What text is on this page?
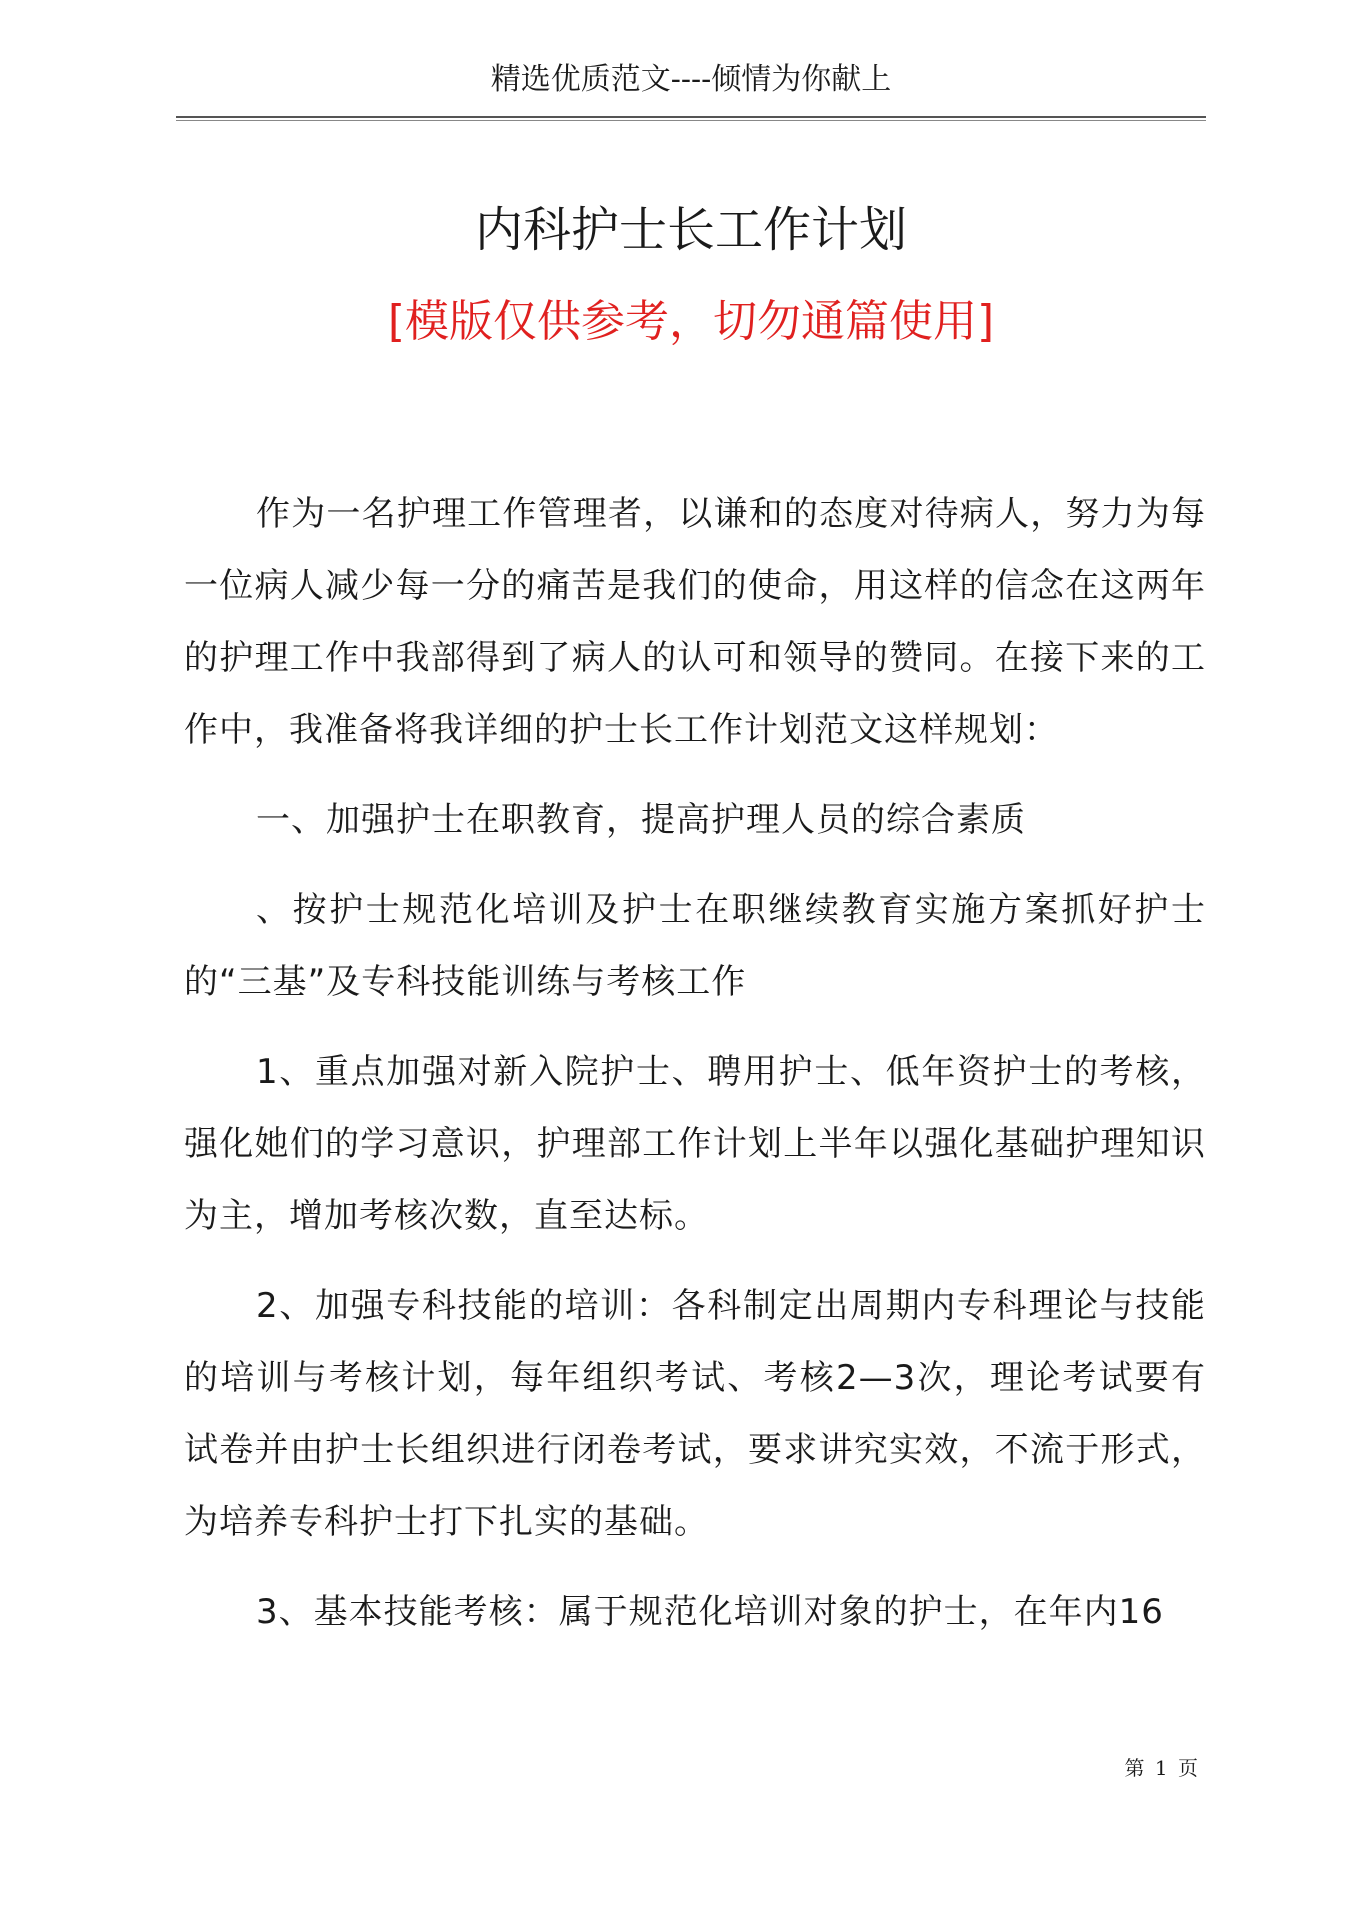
精选优质范文----倾情为你献上
内科护士长工作计划
[模版仅供参考，切勿通篇使用]

作为一名护理工作管理者，以谦和的态度对待病人，努力为每一位病人减少每一分的痛苦是我们的使命，用这样的信念在这两年的护理工作中我部得到了病人的认可和领导的赞同。在接下来的工作中，我准备将我详细的护士长工作计划范文这样规划：

一、加强护士在职教育，提高护理人员的综合素质

、按护士规范化培训及护士在职继续教育实施方案抓好护士的“三基”及专科技能训练与考核工作

1、重点加强对新入院护士、聘用护士、低年资护士的考核，强化她们的学习意识，护理部工作计划上半年以强化基础护理知识为主，增加考核次数，直至达标。

2、加强专科技能的培训：各科制定出周期内专科理论与技能的培训与考核计划，每年组织考试、考核2—3次，理论考试要有试卷并由护士长组织进行闭卷考试，要求讲究实效，不流于形式，为培养专科护士打下扎实的基础。

3、基本技能考核：属于规范化培训对象的护士，在年内16

第 1 页
